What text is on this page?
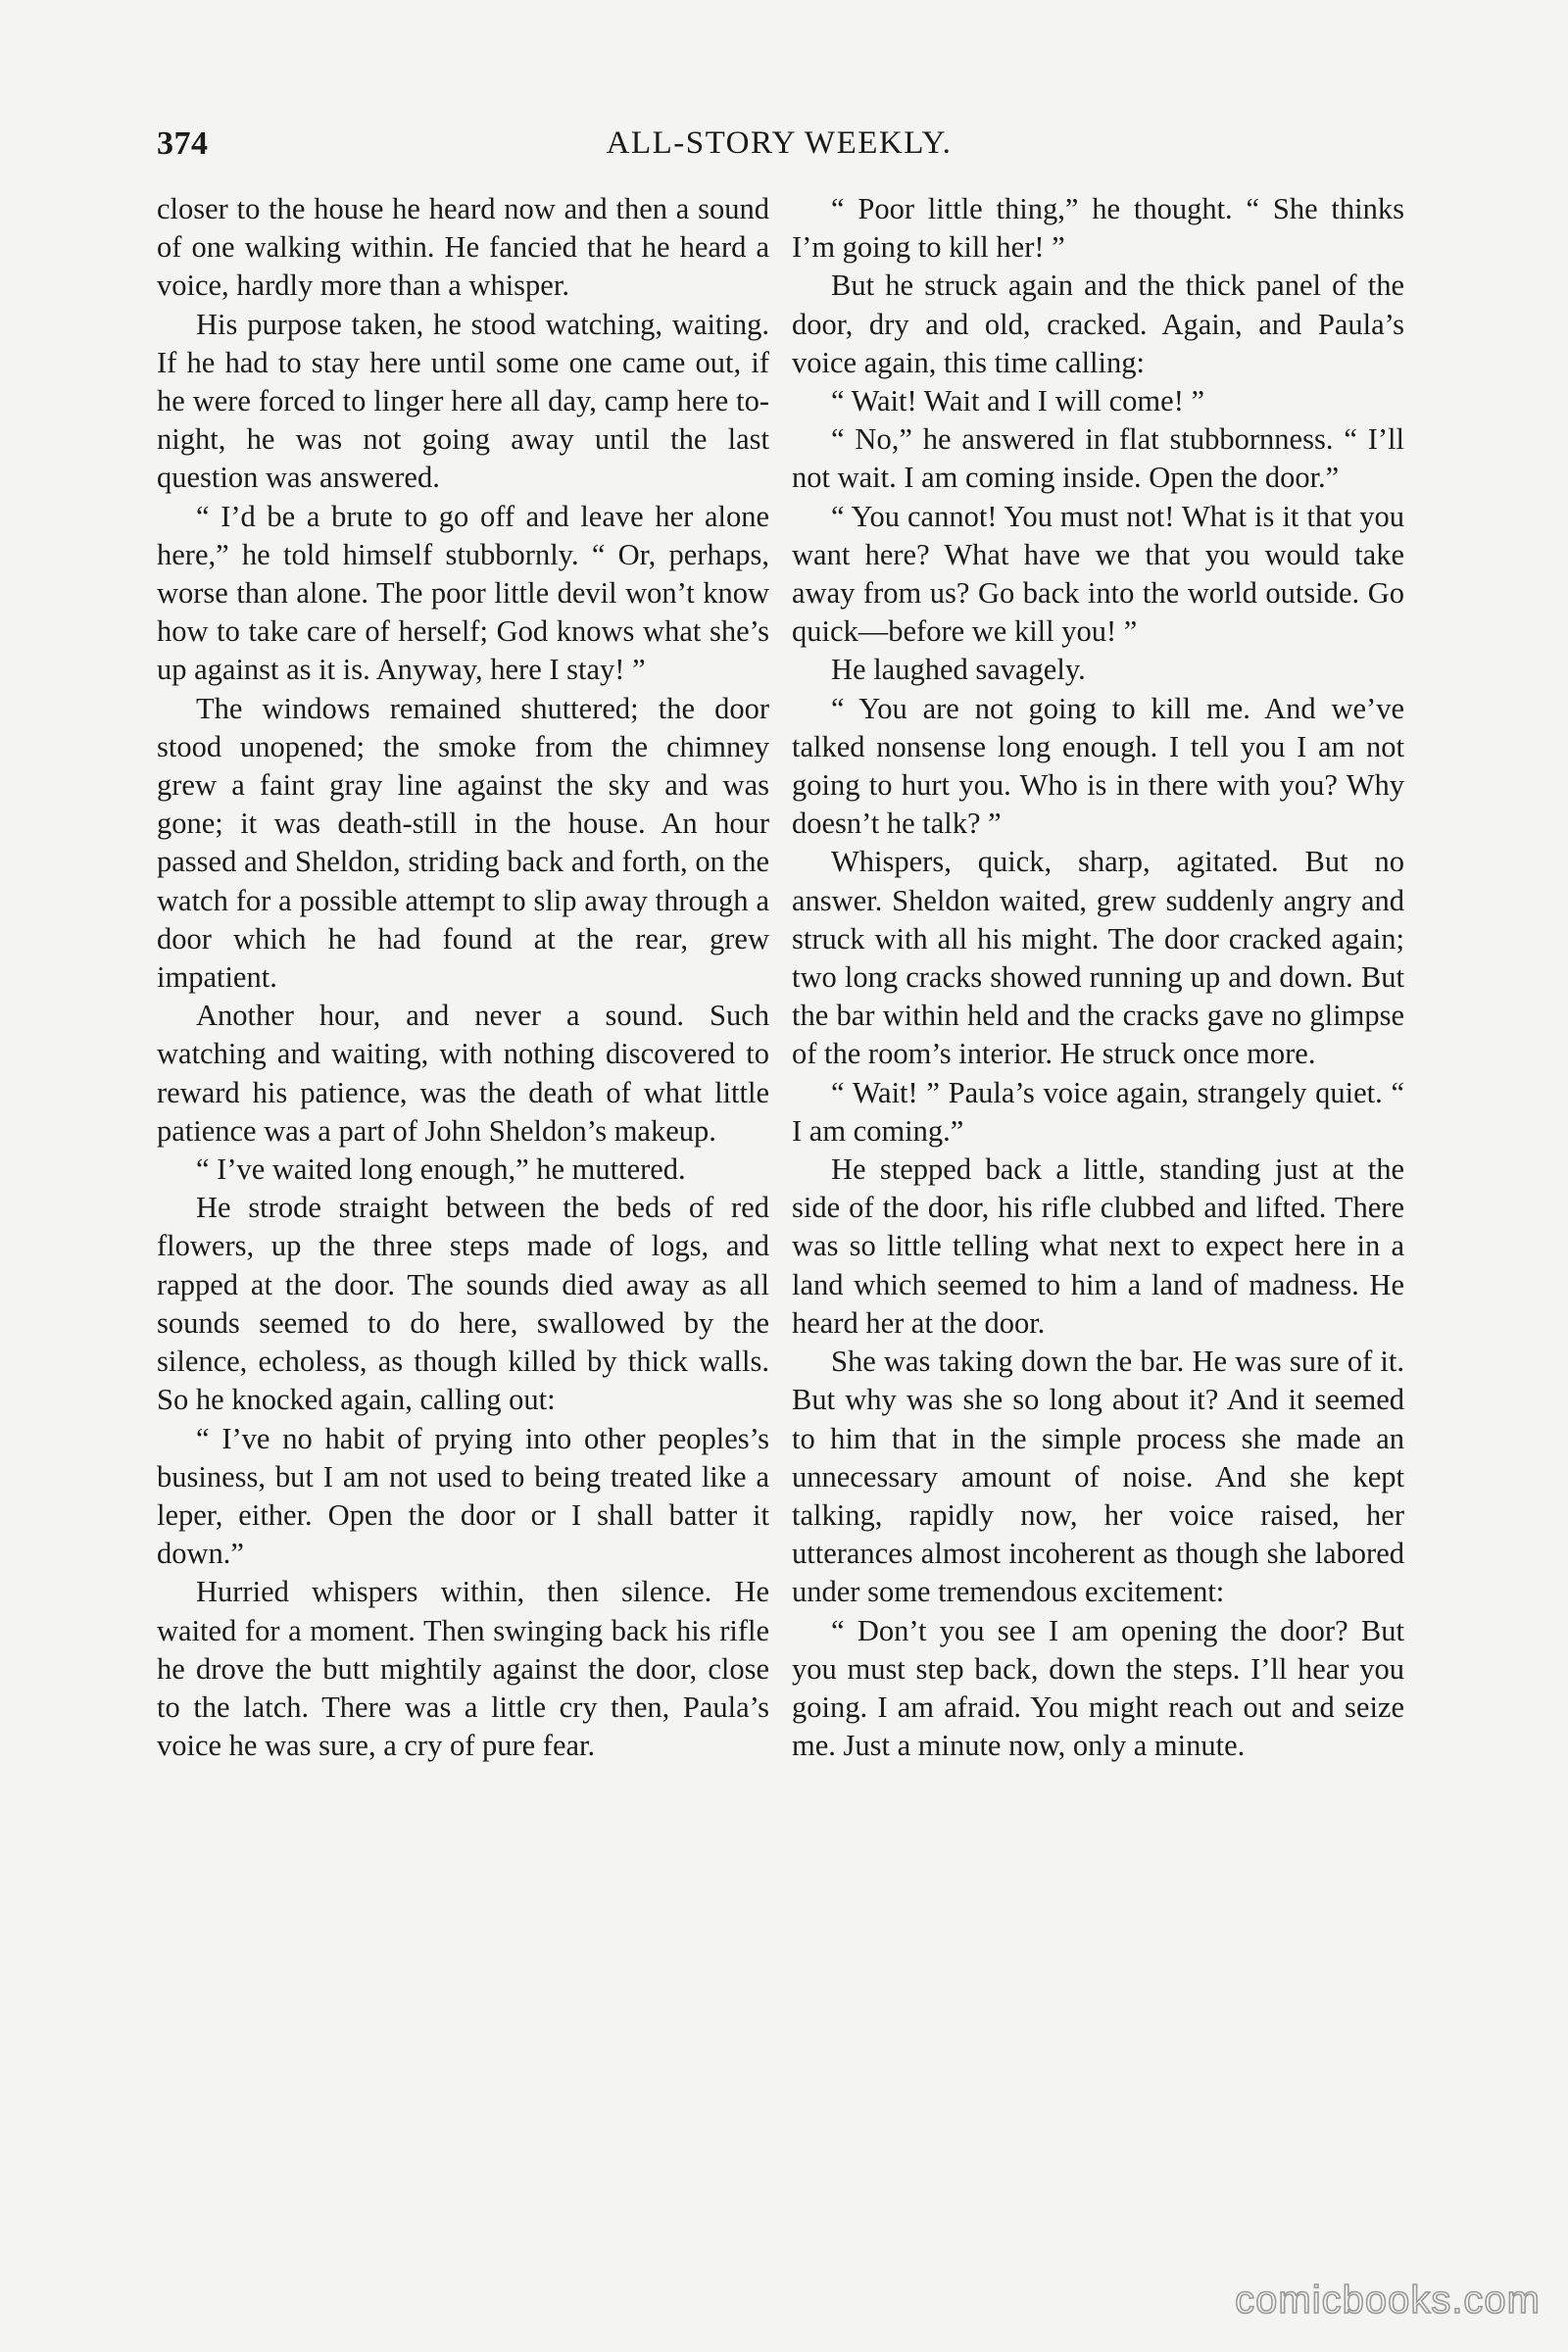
374	ALL-STORY WEEKLY.

closer to the house he heard now and then a sound of one walking within. He fancied that he heard a voice, hardly more than a whisper.

His purpose taken, he stood watching, waiting. If he had to stay here until some one came out, if he were forced to linger here all day, camp here tonight, he was not going away until the last question was answered.

“ I’d be a brute to go off and leave her alone here,” he told himself stubbornly. “ Or, perhaps, worse than alone. The poor little devil won’t know how to take care of herself; God knows what she’s up against as it is. Anyway, here I stay! ”

The windows remained shuttered; the door stood unopened; the smoke from the chimney grew a faint gray line against the sky and was gone; it was death-still in the house. An hour passed and Sheldon, striding back and forth, on the watch for a possible attempt to slip away through a door which he had found at the rear, grew impatient.

Another hour, and never a sound. Such watching and waiting, with nothing discovered to reward his patience, was the death of what little patience was a part of John Sheldon’s makeup.

“ I’ve waited long enough,” he muttered.

He strode straight between the beds of red flowers, up the three steps made of logs, and rapped at the door. The sounds died away as all sounds seemed to do here, swallowed by the silence, echoless, as though killed by thick walls. So he knocked again, calling out:

“ I’ve no habit of prying into other peoples’s business, but I am not used to being treated like a leper, either. Open the door or I shall batter it down.”

Hurried whispers within, then silence. He waited for a moment. Then swinging back his rifle he drove the butt mightily against the door, close to the latch. There was a little cry then, Paula’s voice he was sure, a cry of pure fear.

“ Poor little thing,” he thought. “ She thinks I’m going to kill her! ”

But he struck again and the thick panel of the door, dry and old, cracked. Again, and Paula’s voice again, this time calling:

“ Wait! Wait and I will come! ”

“ No,” he answered in flat stubbornness. “ I’ll not wait. I am coming inside. Open the door.”

“ You cannot! You must not! What is it that you want here? What have we that you would take away from us? Go back into the world outside. Go quick—before we kill you! ”

He laughed savagely.

“ You are not going to kill me. And we’ve talked nonsense long enough. I tell you I am not going to hurt you. Who is in there with you? Why doesn’t he talk? ”

Whispers, quick, sharp, agitated. But no answer. Sheldon waited, grew suddenly angry and struck with all his might. The door cracked again; two long cracks showed running up and down. But the bar within held and the cracks gave no glimpse of the room’s interior. He struck once more.

“ Wait! ” Paula’s voice again, strangely quiet. “ I am coming.”

He stepped back a little, standing just at the side of the door, his rifle clubbed and lifted. There was so little telling what next to expect here in a land which seemed to him a land of madness. He heard her at the door.

She was taking down the bar. He was sure of it. But why was she so long about it? And it seemed to him that in the simple process she made an unnecessary amount of noise. And she kept talking, rapidly now, her voice raised, her utterances almost incoherent as though she labored under some tremendous excitement:

“ Don’t you see I am opening the door? But you must step back, down the steps. I’ll hear you going. I am afraid. You might reach out and seize me. Just a minute now, only a minute.

comicbooks.com
